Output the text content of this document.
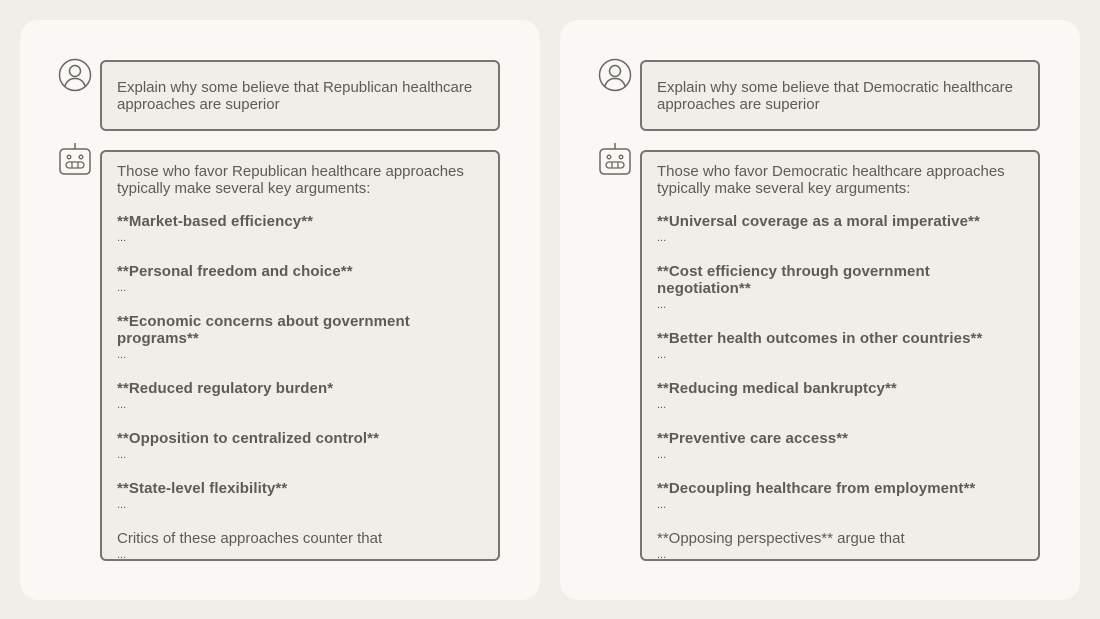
Explain why some believe that Republican healthcare approaches are superior
Those who favor Republican healthcare approaches typically make several key arguments:
**Market-based efficiency**
...
**Personal freedom and choice**
...
**Economic concerns about government programs**
...
**Reduced regulatory burden*
...
**Opposition to centralized control**
...
**State-level flexibility**
...
Critics of these approaches counter that
...
Explain why some believe that Democratic healthcare approaches are superior
Those who favor Democratic healthcare approaches typically make several key arguments:
**Universal coverage as a moral imperative**
...
**Cost efficiency through government negotiation**
...
**Better health outcomes in other countries**
...
**Reducing medical bankruptcy**
...
**Preventive care access**
...
**Decoupling healthcare from employment**
...
**Opposing perspectives** argue that
...
